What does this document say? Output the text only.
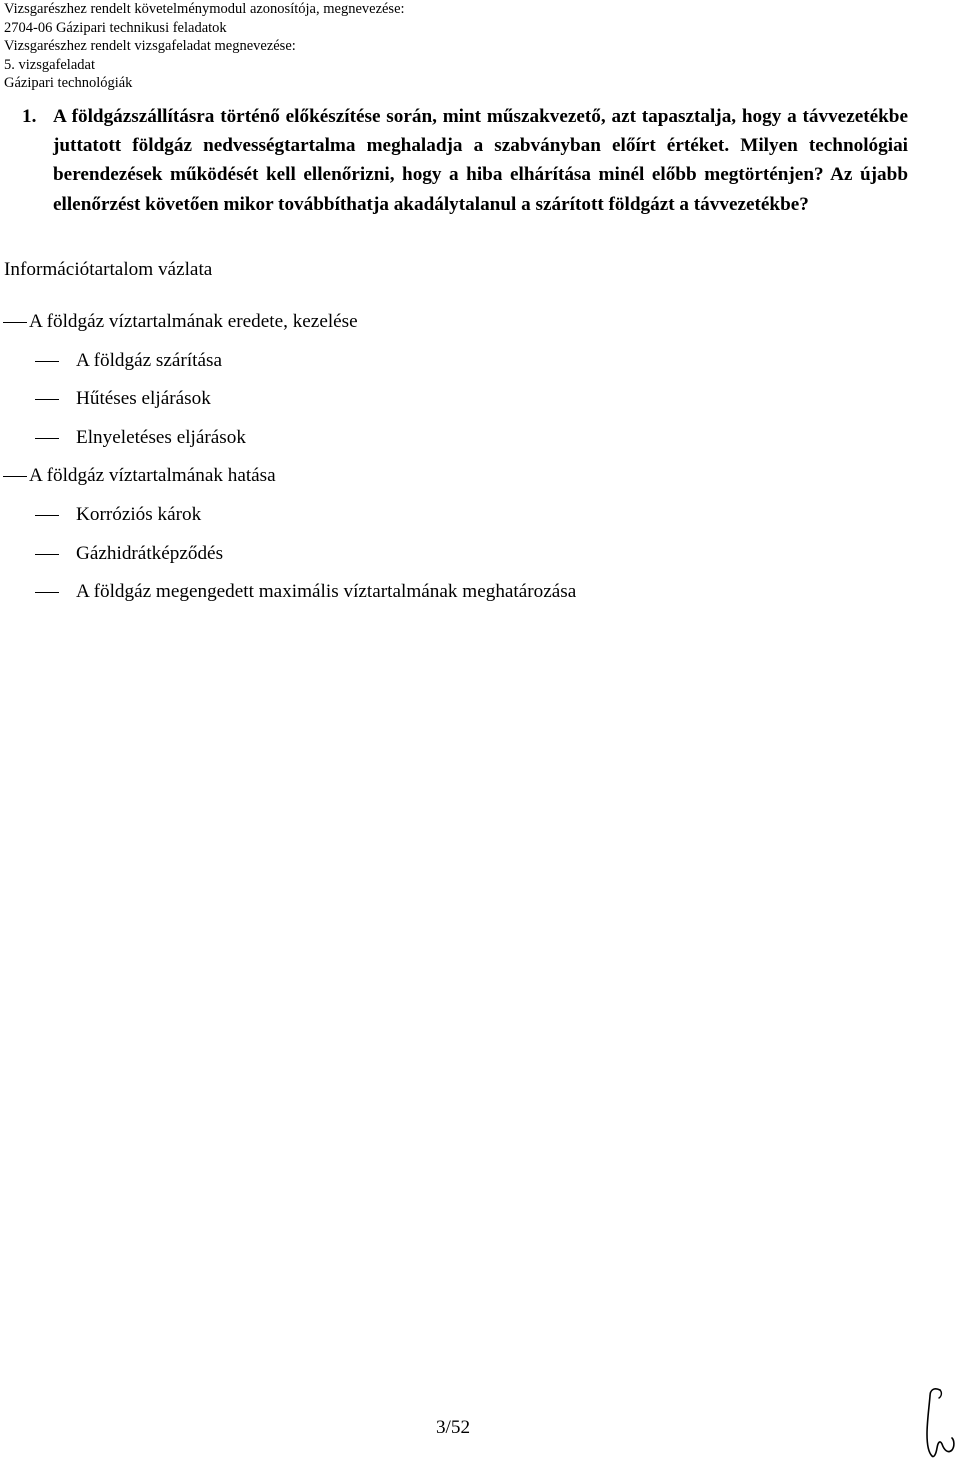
Vizsgarészhez rendelt követelménymodul azonosítója, megnevezése:
2704-06 Gázipari technikusi feladatok
Vizsgarészhez rendelt vizsgafeladat megnevezése:
5. vizsgafeladat
Gázipari technológiák
1. A földgázszállításra történő előkészítése során, mint műszakvezető, azt tapasztalja, hogy a távvezetékbe juttatott földgáz nedvességtartalma meghaladja a szabványban előírt értéket. Milyen technológiai berendezések működését kell ellenőrizni, hogy a hiba elhárítása minél előbb megtörténjen? Az újabb ellenőrzést követően mikor továbbíthatja akadálytalanul a szárított földgázt a távvezetékbe?
Információtartalom vázlata
A földgáz víztartalmának eredete, kezelése
A földgáz szárítása
Hűtéses eljárások
Elnyeletéses eljárások
A földgáz víztartalmának hatása
Korróziós károk
Gázhidrátképződés
A földgáz megengedett maximális víztartalmának meghatározása
3/52
